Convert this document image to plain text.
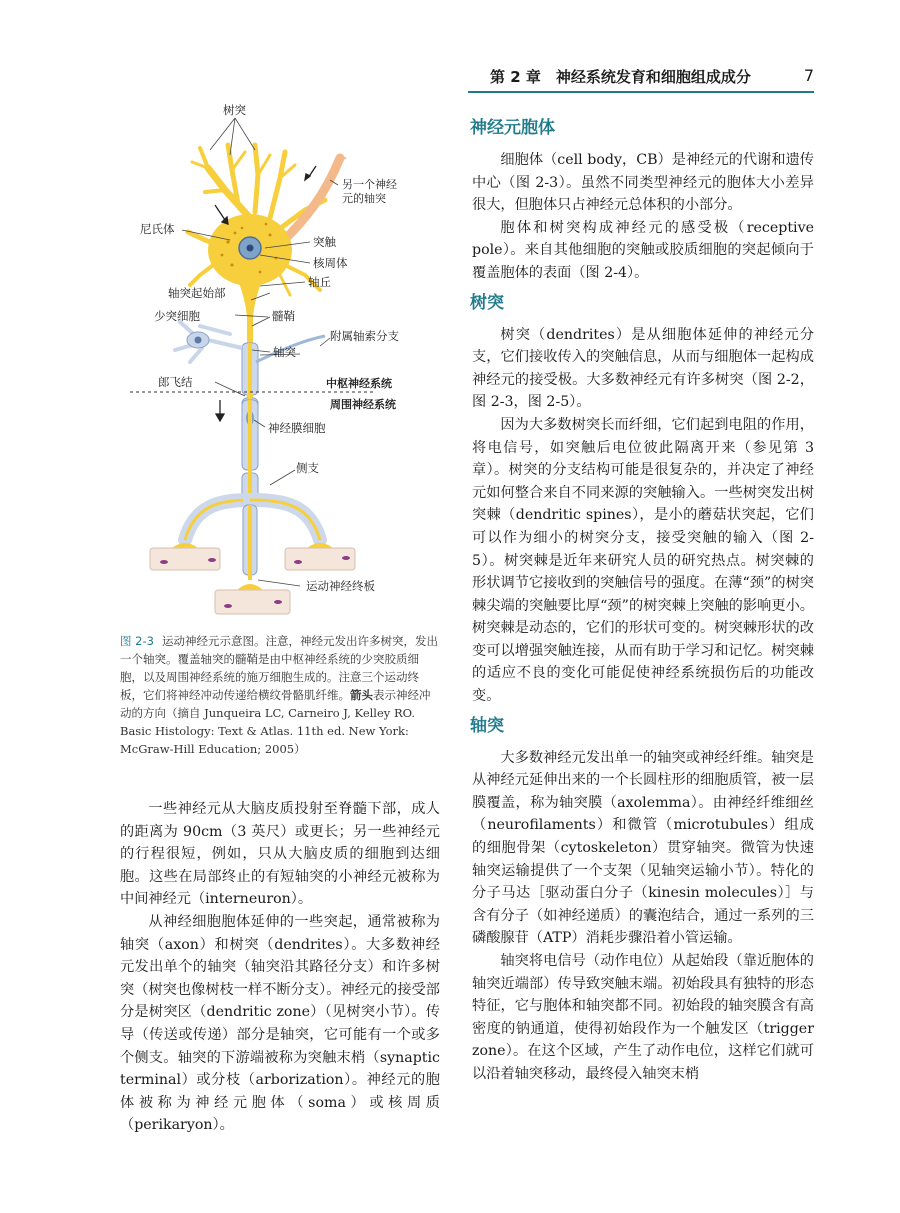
第 2 章　神经系统发育和细胞组成成分	7
树突
另一个神经
元的轴突
尼氏体
突触
核周体
轴丘
轴突起始部
少突细胞	髓鞘
附属轴索分支
轴突
郎飞结	中枢神经系统
周围神经系统
神经膜细胞
侧支
运动神经终板
图 2-3 运动神经元示意图。注意，神经元发出许多树突，发出一个轴突。覆盖轴突的髓鞘是由中枢神经系统的少突胶质细胞，以及周围神经系统的施万细胞生成的。注意三个运动终板，它们将神经冲动传递给横纹骨骼肌纤维。箭头表示神经冲动的方向（摘自 Junqueira LC, Carneiro J, Kelley RO. Basic Histology: Text & Atlas. 11th ed. New York: McGraw-Hill Education; 2005）

一些神经元从大脑皮质投射至脊髓下部，成人的距离为 90cm（3 英尺）或更长；另一些神经元的行程很短，例如，只从大脑皮质的细胞到达细胞。这些在局部终止的有短轴突的小神经元被称为中间神经元（interneuron）。

从神经细胞胞体延伸的一些突起，通常被称为轴突（axon）和树突（dendrites）。大多数神经元发出单个的轴突（轴突沿其路径分支）和许多树突（树突也像树枝一样不断分支）。神经元的接受部分是树突区（dendritic zone）（见树突小节）。传导（传送或传递）部分是轴突，它可能有一个或多个侧支。轴突的下游端被称为突触末梢（synaptic terminal）或分枝（arborization）。神经元的胞体被称为神经元胞体（soma）或核周质（perikaryon）。

神经元胞体

细胞体（cell body，CB）是神经元的代谢和遗传中心（图 2-3）。虽然不同类型神经元的胞体大小差异很大，但胞体只占神经元总体积的小部分。

胞体和树突构成神经元的感受极（receptive pole）。来自其他细胞的突触或胶质细胞的突起倾向于覆盖胞体的表面（图 2-4）。

树突

树突（dendrites）是从细胞体延伸的神经元分支，它们接收传入的突触信息，从而与细胞体一起构成神经元的接受极。大多数神经元有许多树突（图 2-2，图 2-3，图 2-5）。

因为大多数树突长而纤细，它们起到电阻的作用，将电信号，如突触后电位彼此隔离开来（参见第 3 章）。树突的分支结构可能是很复杂的，并决定了神经元如何整合来自不同来源的突触输入。一些树突发出树突棘（dendritic spines），是小的蘑菇状突起，它们可以作为细小的树突分支，接受突触的输入（图 2-5）。树突棘是近年来研究人员的研究热点。树突棘的形状调节它接收到的突触信号的强度。在薄“颈”的树突棘尖端的突触要比厚“颈”的树突棘上突触的影响更小。树突棘是动态的，它们的形状可变的。树突棘形状的改变可以增强突触连接，从而有助于学习和记忆。树突棘的适应不良的变化可能促使神经系统损伤后的功能改变。

轴突

大多数神经元发出单一的轴突或神经纤维。轴突是从神经元延伸出来的一个长圆柱形的细胞质管，被一层膜覆盖，称为轴突膜（axolemma）。由神经纤维细丝（neurofilaments）和微管（microtubules）组成的细胞骨架（cytoskeleton）贯穿轴突。微管为快速轴突运输提供了一个支架（见轴突运输小节）。特化的分子马达［驱动蛋白分子（kinesin molecules）］与含有分子（如神经递质）的囊泡结合，通过一系列的三磷酸腺苷（ATP）消耗步骤沿着小管运输。

轴突将电信号（动作电位）从起始段（靠近胞体的轴突近端部）传导致突触末端。初始段具有独特的形态特征，它与胞体和轴突都不同。初始段的轴突膜含有高密度的钠通道，使得初始段作为一个触发区（trigger zone）。在这个区域，产生了动作电位，这样它们就可以沿着轴突移动，最终侵入轴突末梢
